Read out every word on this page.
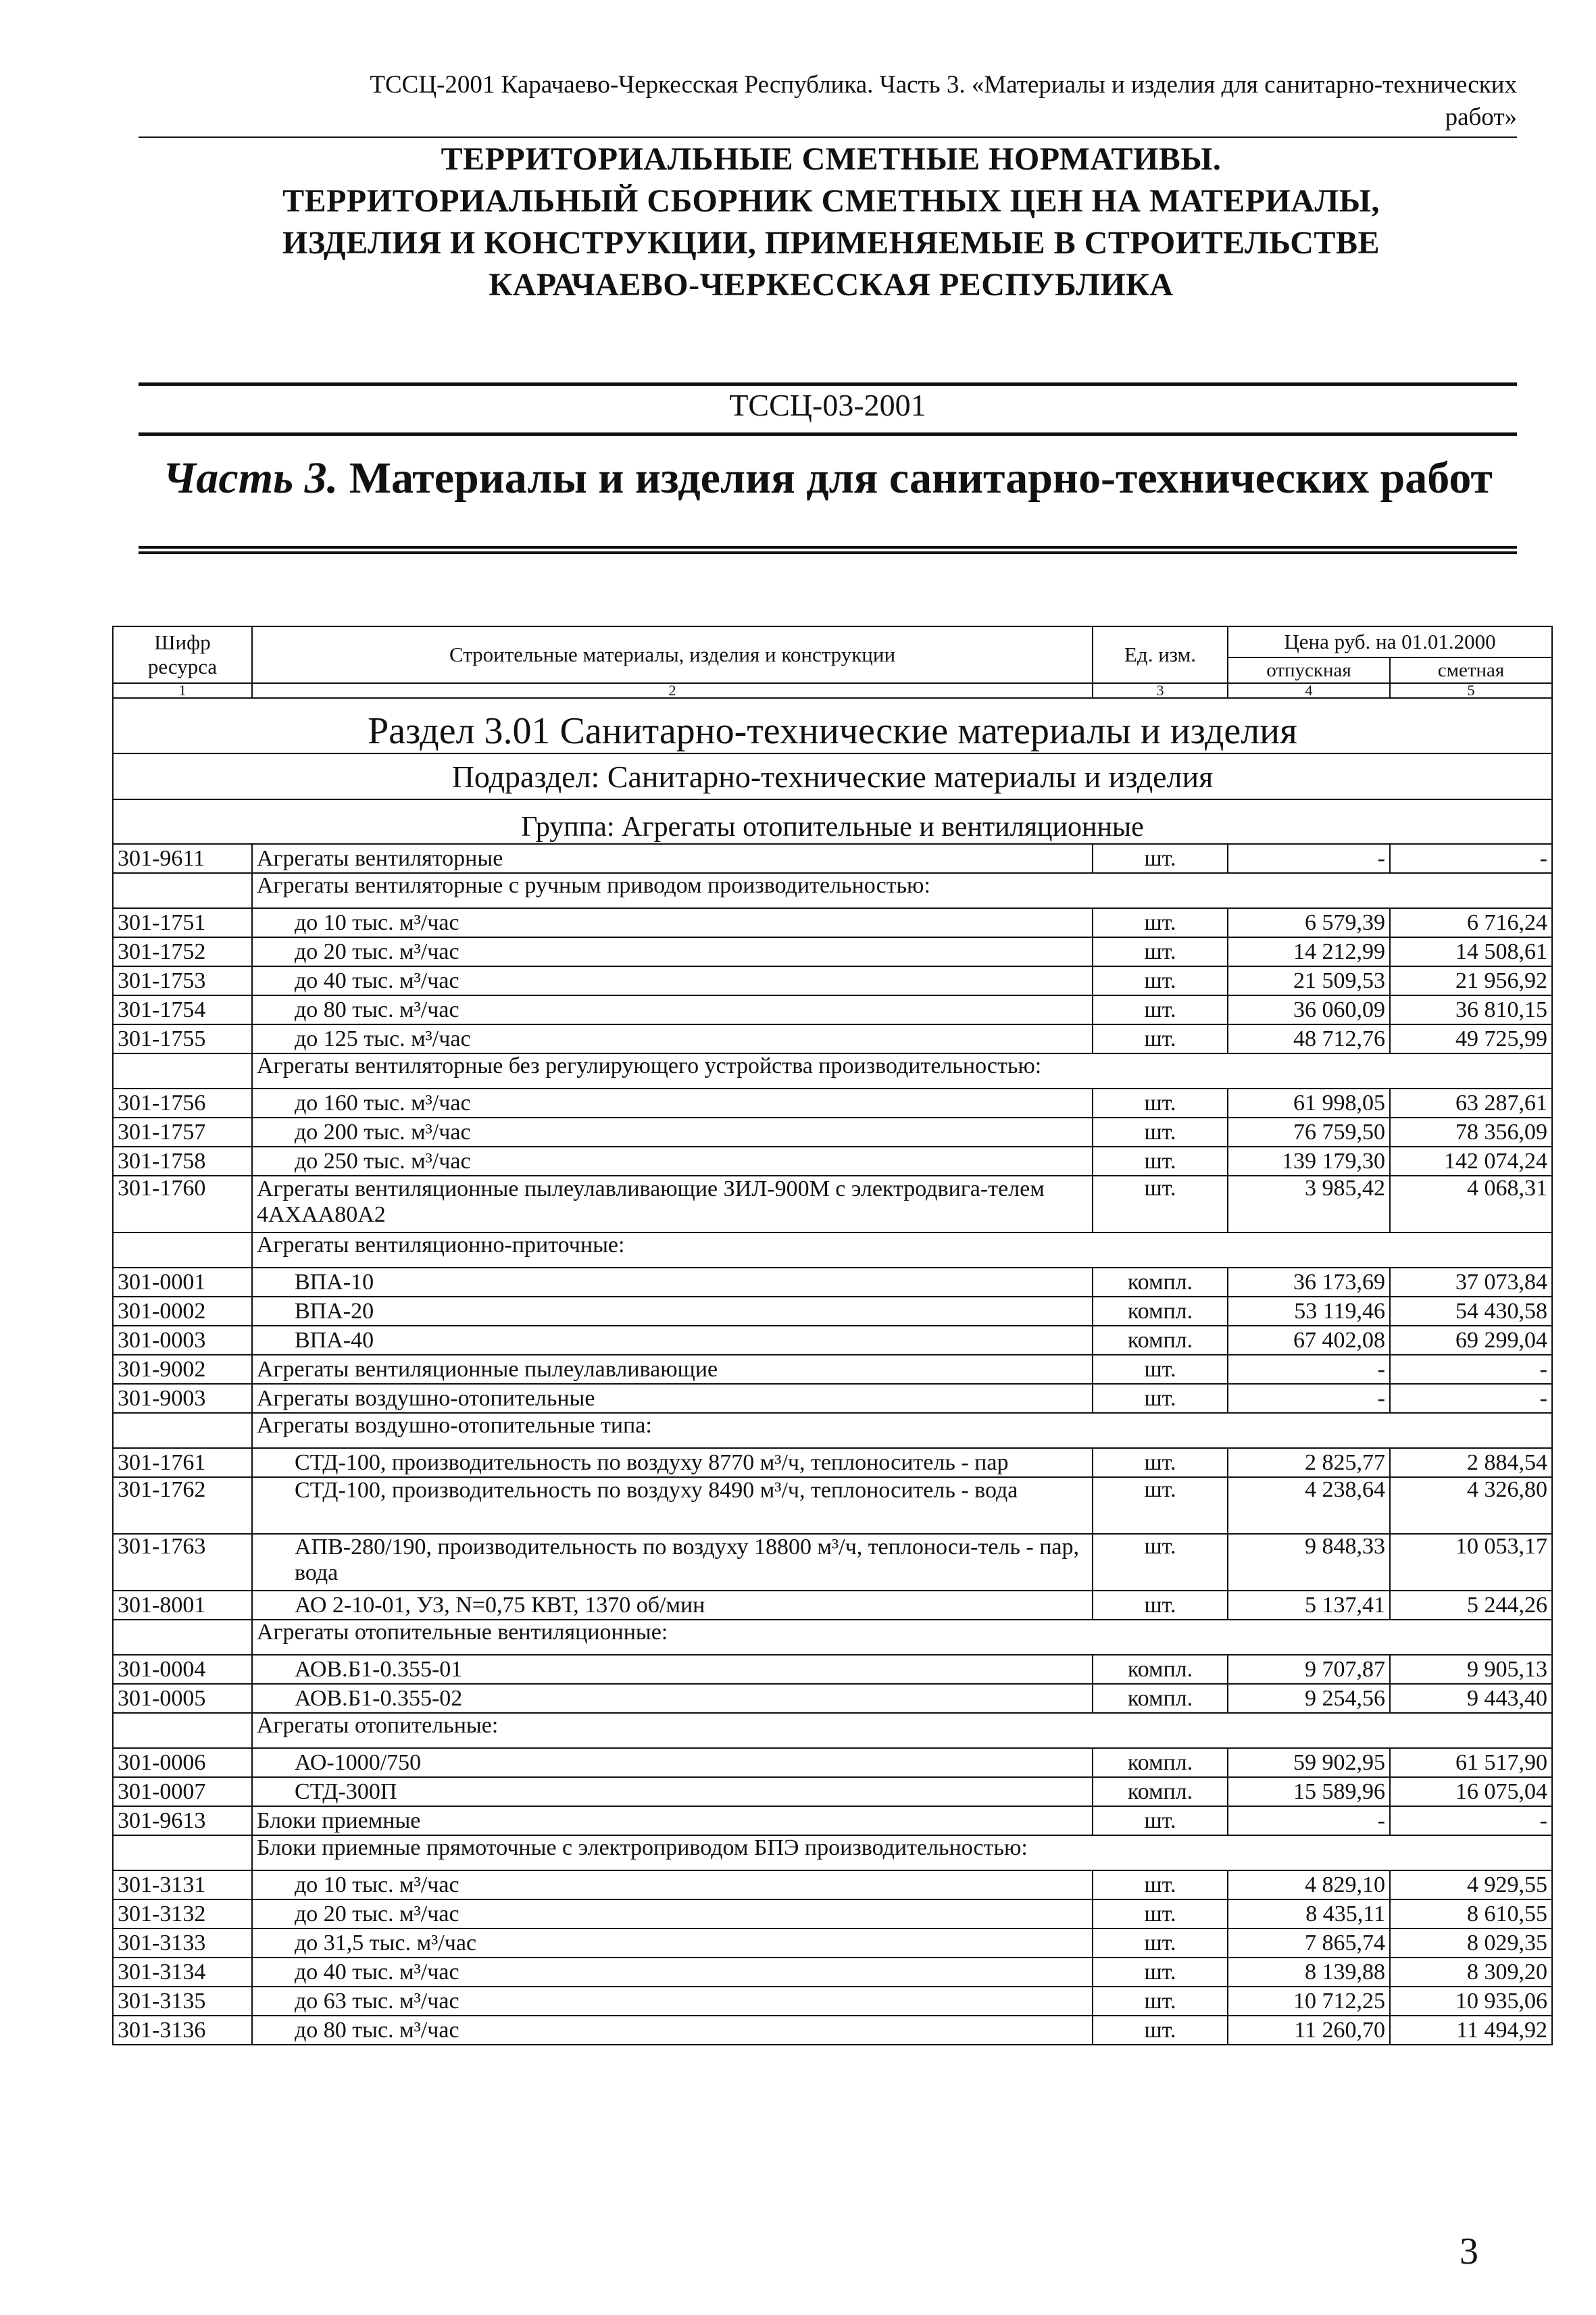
ТССЦ-2001 Карачаево-Черкесская Республика. Часть 3. «Материалы и изделия для санитарно-технических
работ»
ТЕРРИТОРИАЛЬНЫЕ СМЕТНЫЕ НОРМАТИВЫ.
ТЕРРИТОРИАЛЬНЫЙ СБОРНИК СМЕТНЫХ ЦЕН НА МАТЕРИАЛЫ,
ИЗДЕЛИЯ И КОНСТРУКЦИИ, ПРИМЕНЯЕМЫЕ В СТРОИТЕЛЬСТВЕ
КАРАЧАЕВО-ЧЕРКЕССКАЯ РЕСПУБЛИКА
ТССЦ-03-2001
Часть 3. Материалы и изделия для санитарно-технических работ
Шифр ресурса	Строительные материалы, изделия и конструкции	Ед. изм.	Цена руб. на 01.01.2000	
			отпускная	сметная
1	2	3	4	5
Раздел 3.01 Санитарно-технические материалы и изделия				
Подраздел: Санитарно-технические материалы и изделия				
Группа: Агрегаты отопительные и вентиляционные				
301-9611	Агрегаты вентиляторные	шт.	-	-
	Агрегаты вентиляторные с ручным приводом производительностью:			
301-1751	до 10 тыс. м³/час	шт.	6 579,39	6 716,24
301-1752	до 20 тыс. м³/час	шт.	14 212,99	14 508,61
301-1753	до 40 тыс. м³/час	шт.	21 509,53	21 956,92
301-1754	до 80 тыс. м³/час	шт.	36 060,09	36 810,15
301-1755	до 125 тыс. м³/час	шт.	48 712,76	49 725,99
	Агрегаты вентиляторные без регулирующего устройства производительностью:			
301-1756	до 160 тыс. м³/час	шт.	61 998,05	63 287,61
301-1757	до 200 тыс. м³/час	шт.	76 759,50	78 356,09
301-1758	до 250 тыс. м³/час	шт.	139 179,30	142 074,24
301-1760	Агрегаты вентиляционные пылеулавливающие ЗИЛ-900М с электродвига-телем 4АХАА80А2	шт.	3 985,42	4 068,31
	Агрегаты вентиляционно-приточные:			
301-0001	ВПА-10	компл.	36 173,69	37 073,84
301-0002	ВПА-20	компл.	53 119,46	54 430,58
301-0003	ВПА-40	компл.	67 402,08	69 299,04
301-9002	Агрегаты вентиляционные пылеулавливающие	шт.	-	-
301-9003	Агрегаты воздушно-отопительные	шт.	-	-
	Агрегаты воздушно-отопительные типа:			
301-1761	СТД-100, производительность по воздуху 8770 м³/ч, теплоноситель - пар	шт.	2 825,77	2 884,54
301-1762	СТД-100, производительность по воздуху 8490 м³/ч, теплоноситель - вода	шт.	4 238,64	4 326,80
301-1763	АПВ-280/190, производительность по воздуху 18800 м³/ч, теплоноси-тель - пар, вода	шт.	9 848,33	10 053,17
301-8001	АО 2-10-01, УЗ, N=0,75 КВТ, 1370 об/мин	шт.	5 137,41	5 244,26
	Агрегаты отопительные вентиляционные:			
301-0004	АОВ.Б1-0.355-01	компл.	9 707,87	9 905,13
301-0005	АОВ.Б1-0.355-02	компл.	9 254,56	9 443,40
	Агрегаты отопительные:			
301-0006	АО-1000/750	компл.	59 902,95	61 517,90
301-0007	СТД-300П	компл.	15 589,96	16 075,04
301-9613	Блоки приемные	шт.	-	-
	Блоки приемные прямоточные с электроприводом БПЭ производительностью:			
301-3131	до 10 тыс. м³/час	шт.	4 829,10	4 929,55
301-3132	до 20 тыс. м³/час	шт.	8 435,11	8 610,55
301-3133	до 31,5 тыс. м³/час	шт.	7 865,74	8 029,35
301-3134	до 40 тыс. м³/час	шт.	8 139,88	8 309,20
301-3135	до 63 тыс. м³/час	шт.	10 712,25	10 935,06
301-3136	до 80 тыс. м³/час	шт.	11 260,70	11 494,92
3
